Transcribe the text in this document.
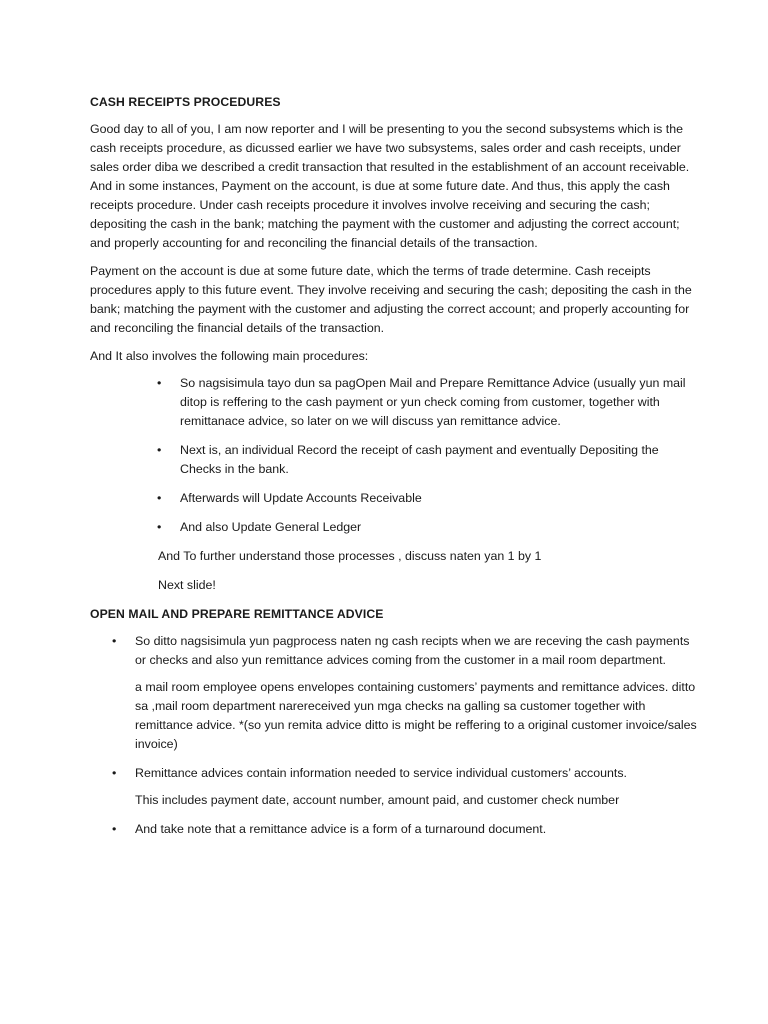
CASH RECEIPTS PROCEDURES
Good day to all of you, I am now reporter and I will be presenting to you the second subsystems which is the cash receipts procedure, as dicussed earlier we have two subsystems, sales order and cash receipts, under sales order diba we described a credit transaction that resulted in the establishment of an account receivable. And in some instances, Payment on the account, is due at some future date. And thus, this apply the cash receipts procedure. Under cash receipts procedure it involves involve receiving and securing the cash; depositing the cash in the bank; matching the payment with the customer and adjusting the correct account; and properly accounting for and reconciling the financial details of the transaction.
Payment on the account is due at some future date, which the terms of trade determine. Cash receipts procedures apply to this future event. They involve receiving and securing the cash; depositing the cash in the bank; matching the payment with the customer and adjusting the correct account; and properly accounting for and reconciling the financial details of the transaction.
And It also involves the following main procedures:
• So nagsisimula tayo dun sa pagOpen Mail and Prepare Remittance Advice (usually yun mail ditop is reffering to the cash payment or yun check coming from customer, together with remittanace advice, so later on we will discuss yan remittance advice.
• Next is, an individual Record the receipt of cash payment and eventually Depositing the Checks in the bank.
• Afterwards will Update Accounts Receivable
• And also Update General Ledger
And To further understand those processes , discuss naten yan 1 by 1
Next slide!
OPEN MAIL AND PREPARE REMITTANCE ADVICE
• So ditto nagsisimula yun pagprocess naten ng cash recipts when we are receving the cash payments or checks and also yun remittance advices coming from the customer in a mail room department.
a mail room employee opens envelopes containing customers’ payments and remittance advices. ditto sa ,mail room department narereceived yun mga checks na galling sa customer together with remittance advice. *(so yun remita advice ditto is might be reffering to a original customer invoice/sales invoice)
• Remittance advices contain information needed to service individual customers’ accounts.
This includes payment date, account number, amount paid, and customer check number
• And take note that a remittance advice is a form of a turnaround document.
